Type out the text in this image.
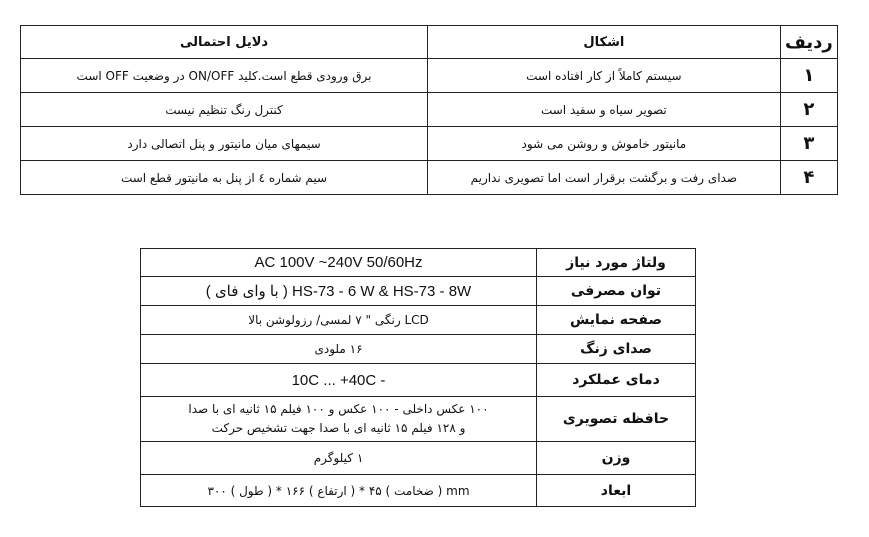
ردیف	اشکال	دلایل احتمالی
۱	سیستم کاملاً از کار افتاده است	برق ورودی قطع است.کلید ON/OFF در وضعیت OFF است
۲	تصویر سیاه و سفید است	کنترل رنگ تنظیم نیست
۳	مانیتور خاموش و روشن می شود	سیمهای میان مانیتور و پنل اتصالی دارد
۴	صدای رفت و برگشت برقرار است اما تصویری نداریم	سیم شماره ٤ از پنل به مانیتور قطع است
ولتاژ مورد نیاز	AC 100V ~240V 50/60Hz
توان مصرفی	HS-73 - 6 W & HS-73 - 8W ( با وای فای )
صفحه نمایش	LCD رنگی " ۷ لمسی/ رزولوشن بالا
صدای زنگ	۱۶ ملودی
دمای عملکرد	- 10C ... +40C
حافظه تصویری	۱۰۰ عکس داخلی - ۱۰۰ عکس و ۱۰۰ فیلم ۱۵ ثانیه ای با صدا
و ۱۲۸ فیلم ۱۵ ثانیه ای با صدا جهت تشخیص حرکت

وزن	۱ کیلوگرم
ابعاد	mm ( ضخامت ) ۴۵ * ( ارتفاع ) ۱۶۶ * ( طول ) ۳۰۰
